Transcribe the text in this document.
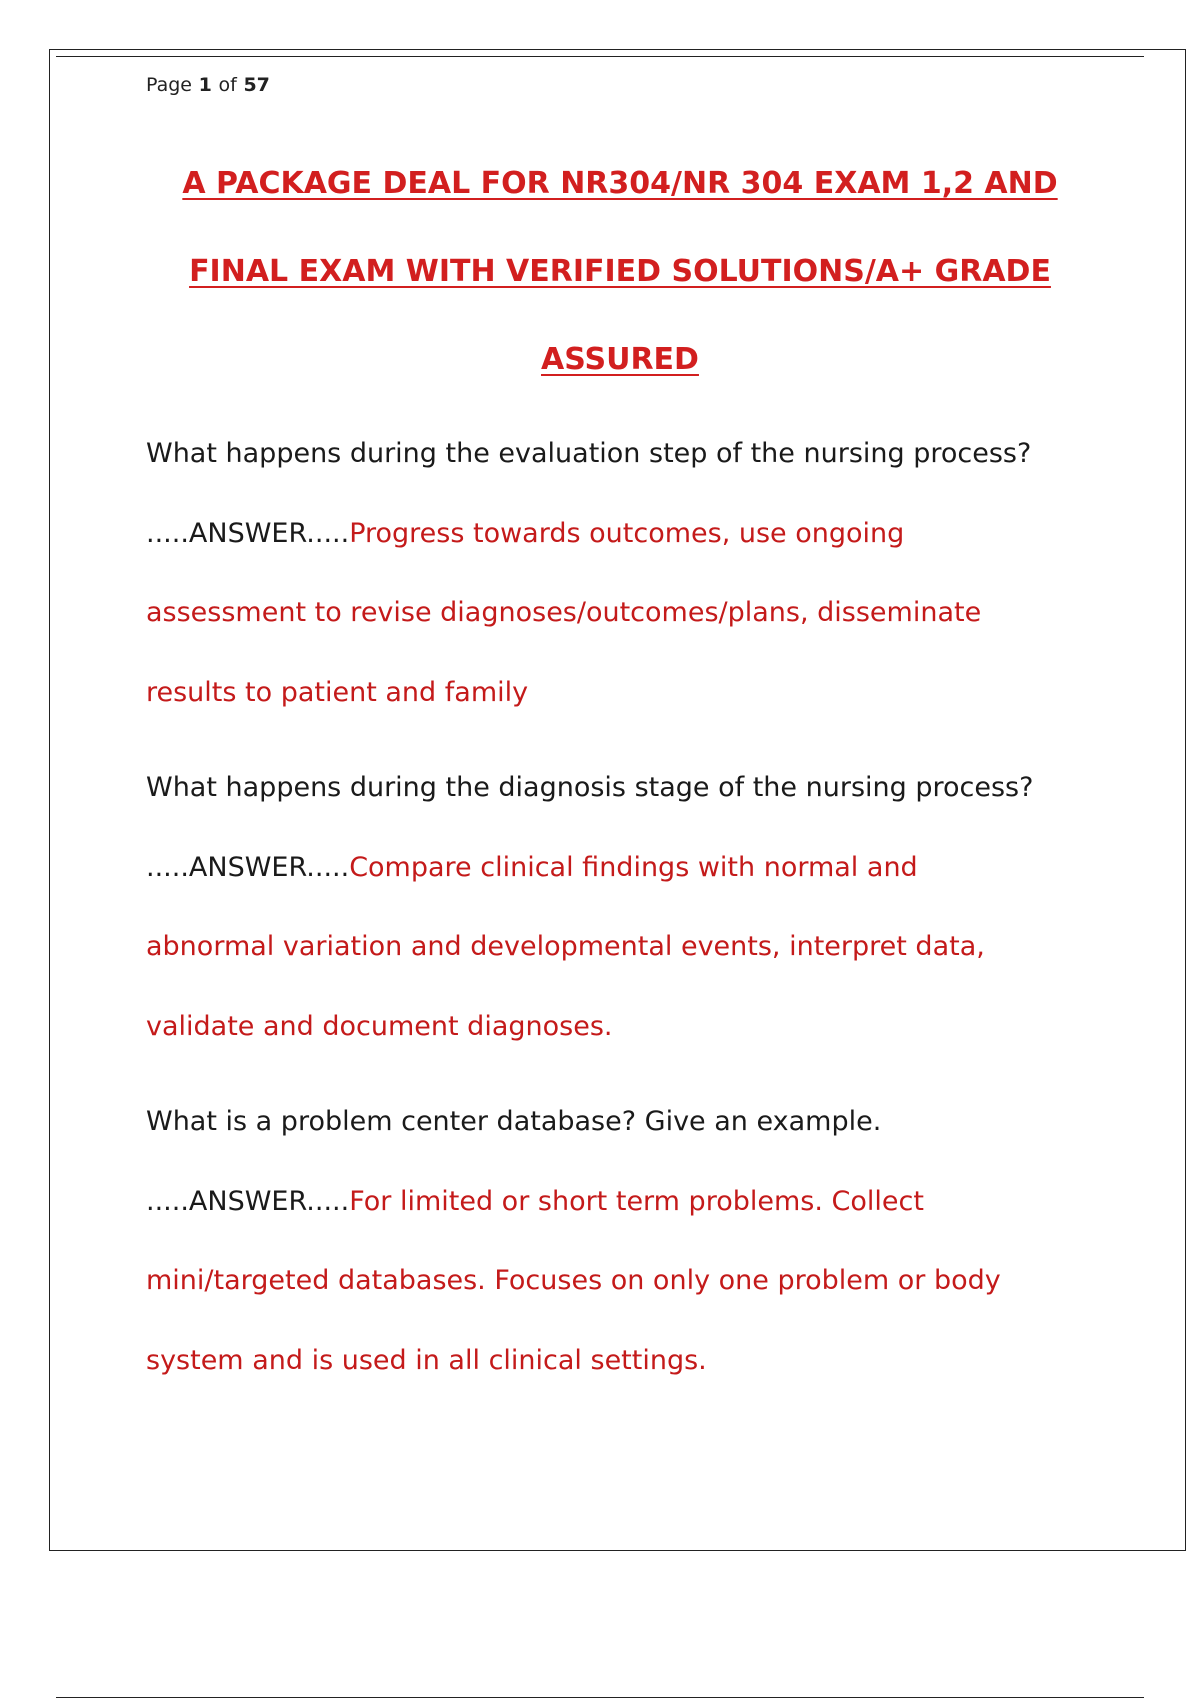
Page 1 of 57
A PACKAGE DEAL FOR NR304/NR 304 EXAM 1,2 AND
FINAL EXAM WITH VERIFIED SOLUTIONS/A+ GRADE
ASSURED
What happens during the evaluation step of the nursing process?
.....ANSWER.....Progress towards outcomes, use ongoing
assessment to revise diagnoses/outcomes/plans, disseminate
results to patient and family
What happens during the diagnosis stage of the nursing process?
.....ANSWER.....Compare clinical findings with normal and
abnormal variation and developmental events, interpret data,
validate and document diagnoses.
What is a problem center database? Give an example.
.....ANSWER.....For limited or short term problems. Collect
mini/targeted databases. Focuses on only one problem or body
system and is used in all clinical settings.
